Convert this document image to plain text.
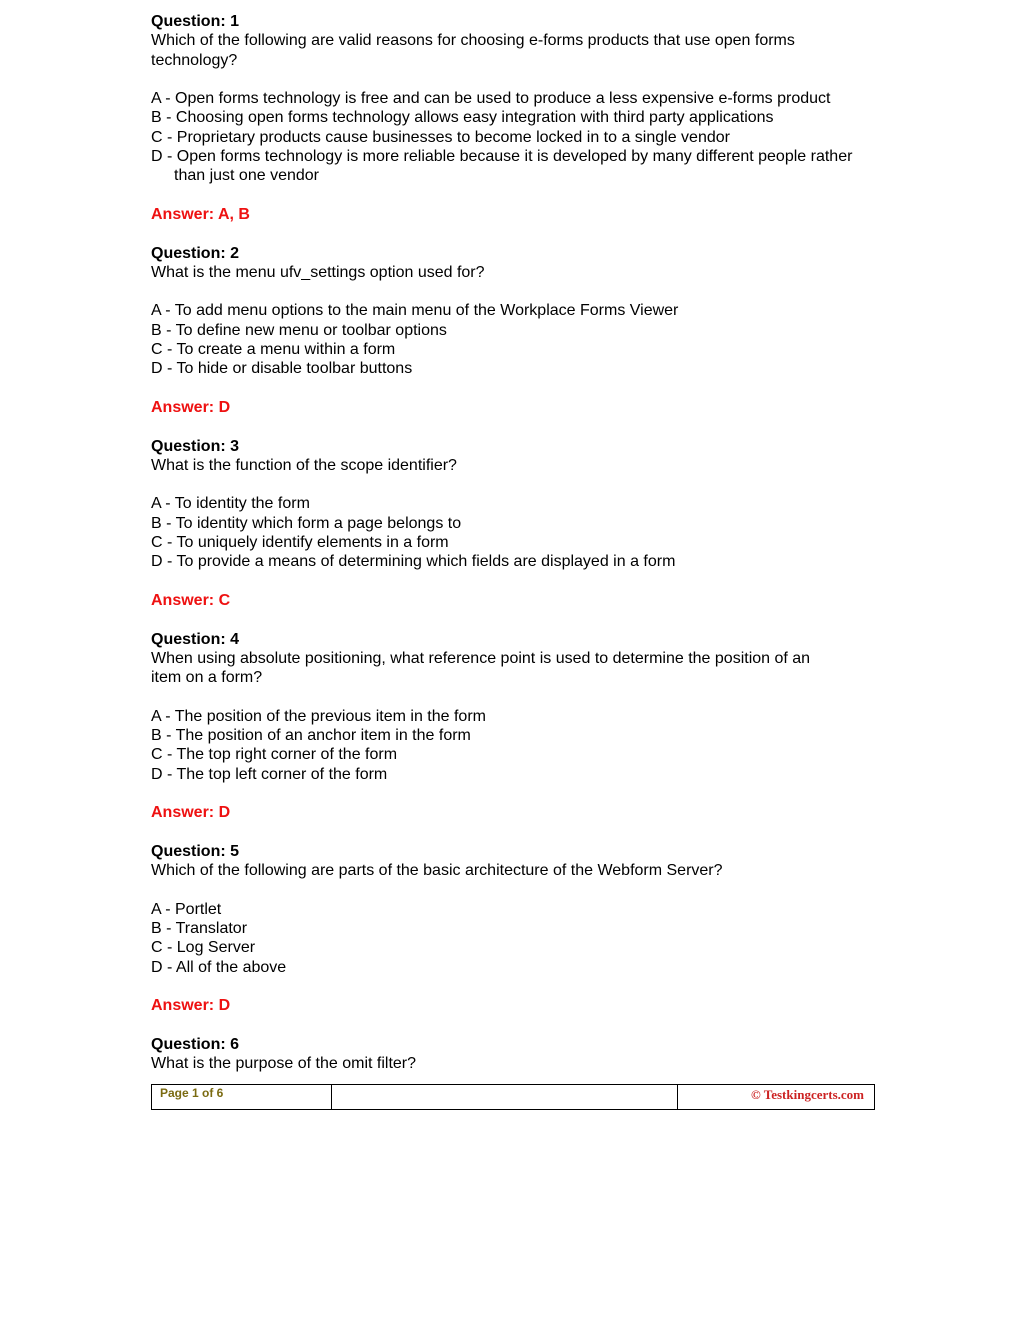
Question: 1
Which of the following are valid reasons for choosing e-forms products that use open forms
technology?
A - Open forms technology is free and can be used to produce a less expensive e-forms product
B - Choosing open forms technology allows easy integration with third party applications
C - Proprietary products cause businesses to become locked in to a single vendor
D - Open forms technology is more reliable because it is developed by many different people rather than just one vendor
Answer: A, B
Question: 2
What is the menu ufv_settings option used for?
A - To add menu options to the main menu of the Workplace Forms Viewer
B - To define new menu or toolbar options
C - To create a menu within a form
D - To hide or disable toolbar buttons
Answer: D
Question: 3
What is the function of the scope identifier?
A - To identity the form
B - To identity which form a page belongs to
C - To uniquely identify elements in a form
D - To provide a means of determining which fields are displayed in a form
Answer: C
Question: 4
When using absolute positioning, what reference point is used to determine the position of an
item on a form?
A - The position of the previous item in the form
B - The position of an anchor item in the form
C - The top right corner of the form
D - The top left corner of the form
Answer: D
Question: 5
Which of the following are parts of the basic architecture of the Webform Server?
A - Portlet
B - Translator
C - Log Server
D - All of the above
Answer: D
Question: 6
What is the purpose of the omit filter?
Page 1 of 6	© Testkingcerts.com
